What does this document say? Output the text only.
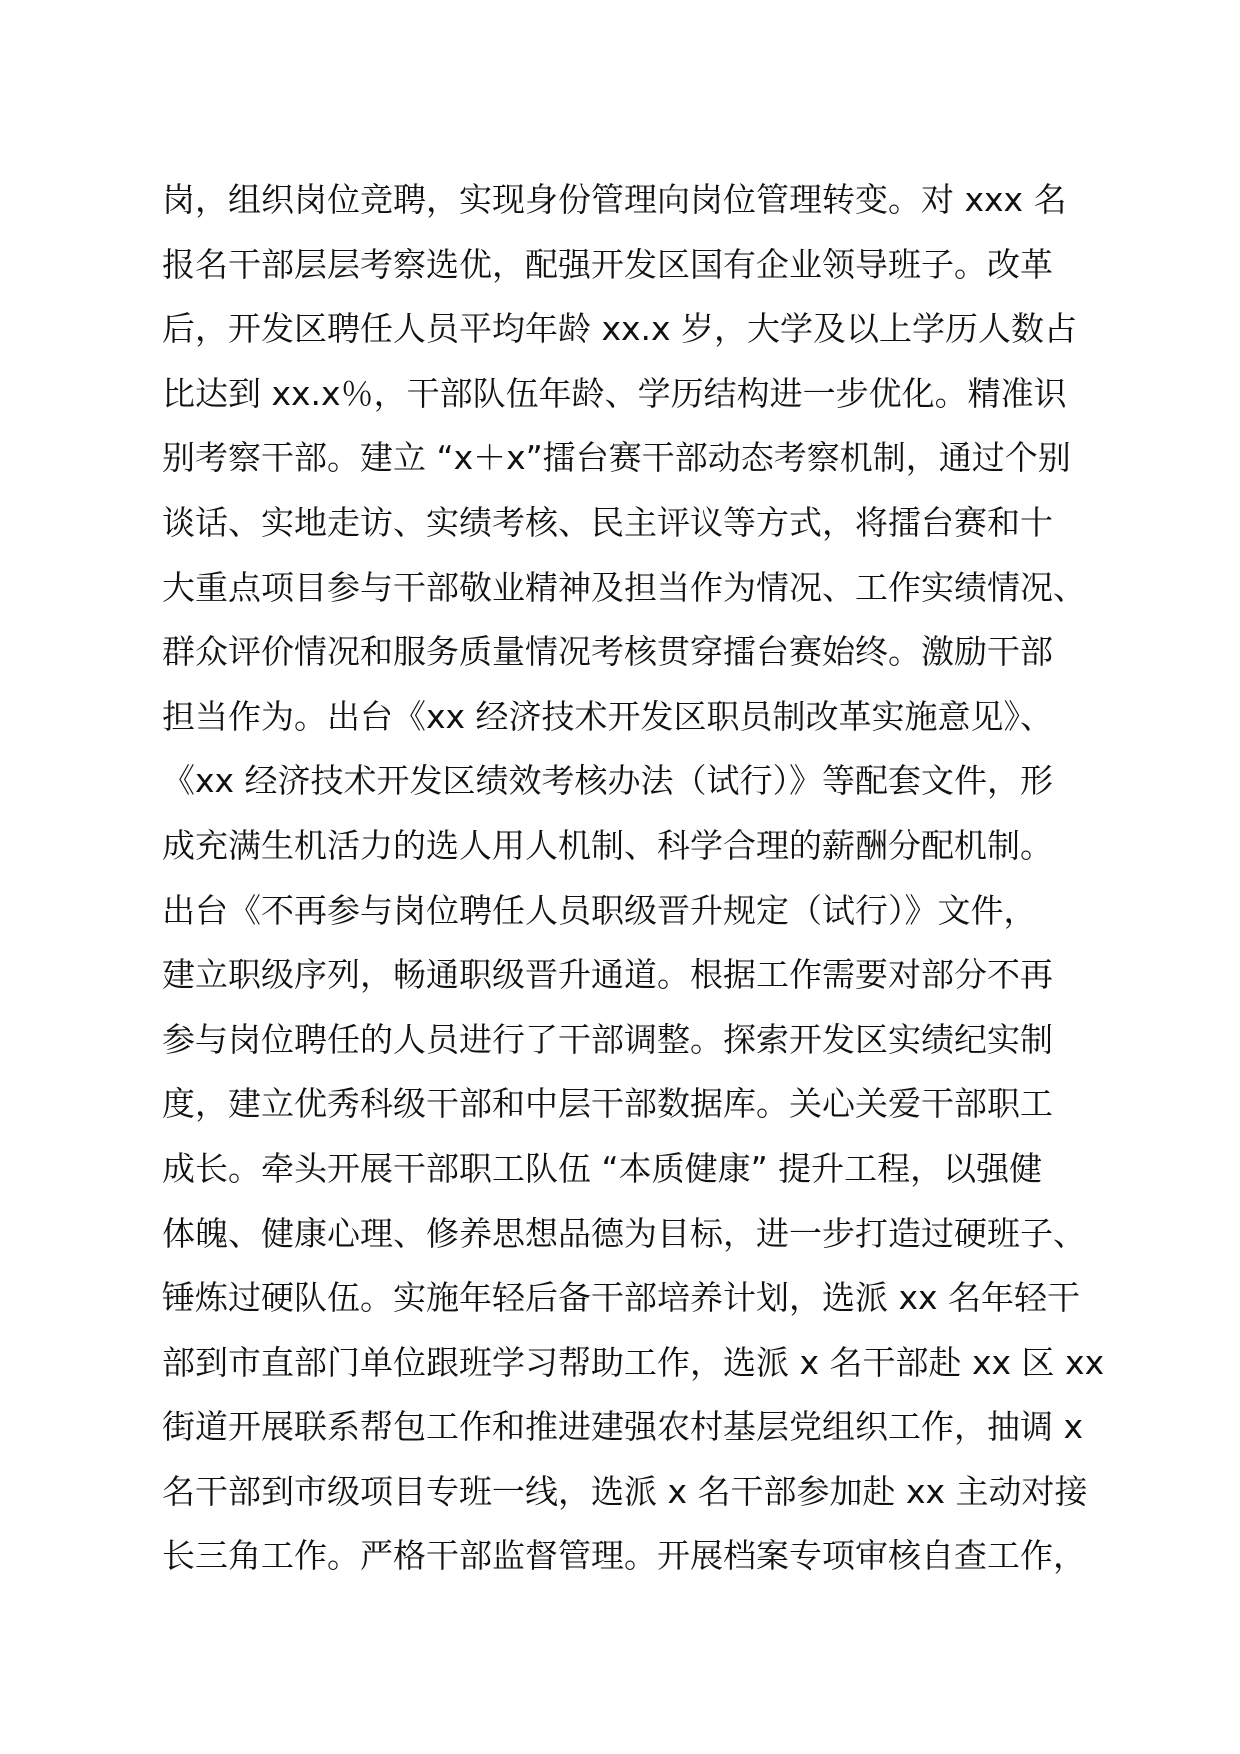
岗，组织岗位竞聘，实现身份管理向岗位管理转变。对 xxx 名
报名干部层层考察选优，配强开发区国有企业领导班子。改革
后，开发区聘任人员平均年龄 xx.x 岁，大学及以上学历人数占
比达到 xx.x％，干部队伍年龄、学历结构进一步优化。精准识
别考察干部。建立 “x＋x”擂台赛干部动态考察机制，通过个别
谈话、实地走访、实绩考核、民主评议等方式，将擂台赛和十
大重点项目参与干部敬业精神及担当作为情况、工作实绩情况、
群众评价情况和服务质量情况考核贯穿擂台赛始终。激励干部
担当作为。出台《xx 经济技术开发区职员制改革实施意见》、
《xx 经济技术开发区绩效考核办法（试行）》等配套文件，形
成充满生机活力的选人用人机制、科学合理的薪酬分配机制。
出台《不再参与岗位聘任人员职级晋升规定（试行）》文件，
建立职级序列，畅通职级晋升通道。根据工作需要对部分不再
参与岗位聘任的人员进行了干部调整。探索开发区实绩纪实制
度，建立优秀科级干部和中层干部数据库。关心关爱干部职工
成长。牵头开展干部职工队伍 “本质健康” 提升工程，以强健
体魄、健康心理、修养思想品德为目标，进一步打造过硬班子、
锤炼过硬队伍。实施年轻后备干部培养计划，选派 xx 名年轻干
部到市直部门单位跟班学习帮助工作，选派 x 名干部赴 xx 区 xx
街道开展联系帮包工作和推进建强农村基层党组织工作，抽调 x
名干部到市级项目专班一线，选派 x 名干部参加赴 xx 主动对接
长三角工作。严格干部监督管理。开展档案专项审核自查工作，
